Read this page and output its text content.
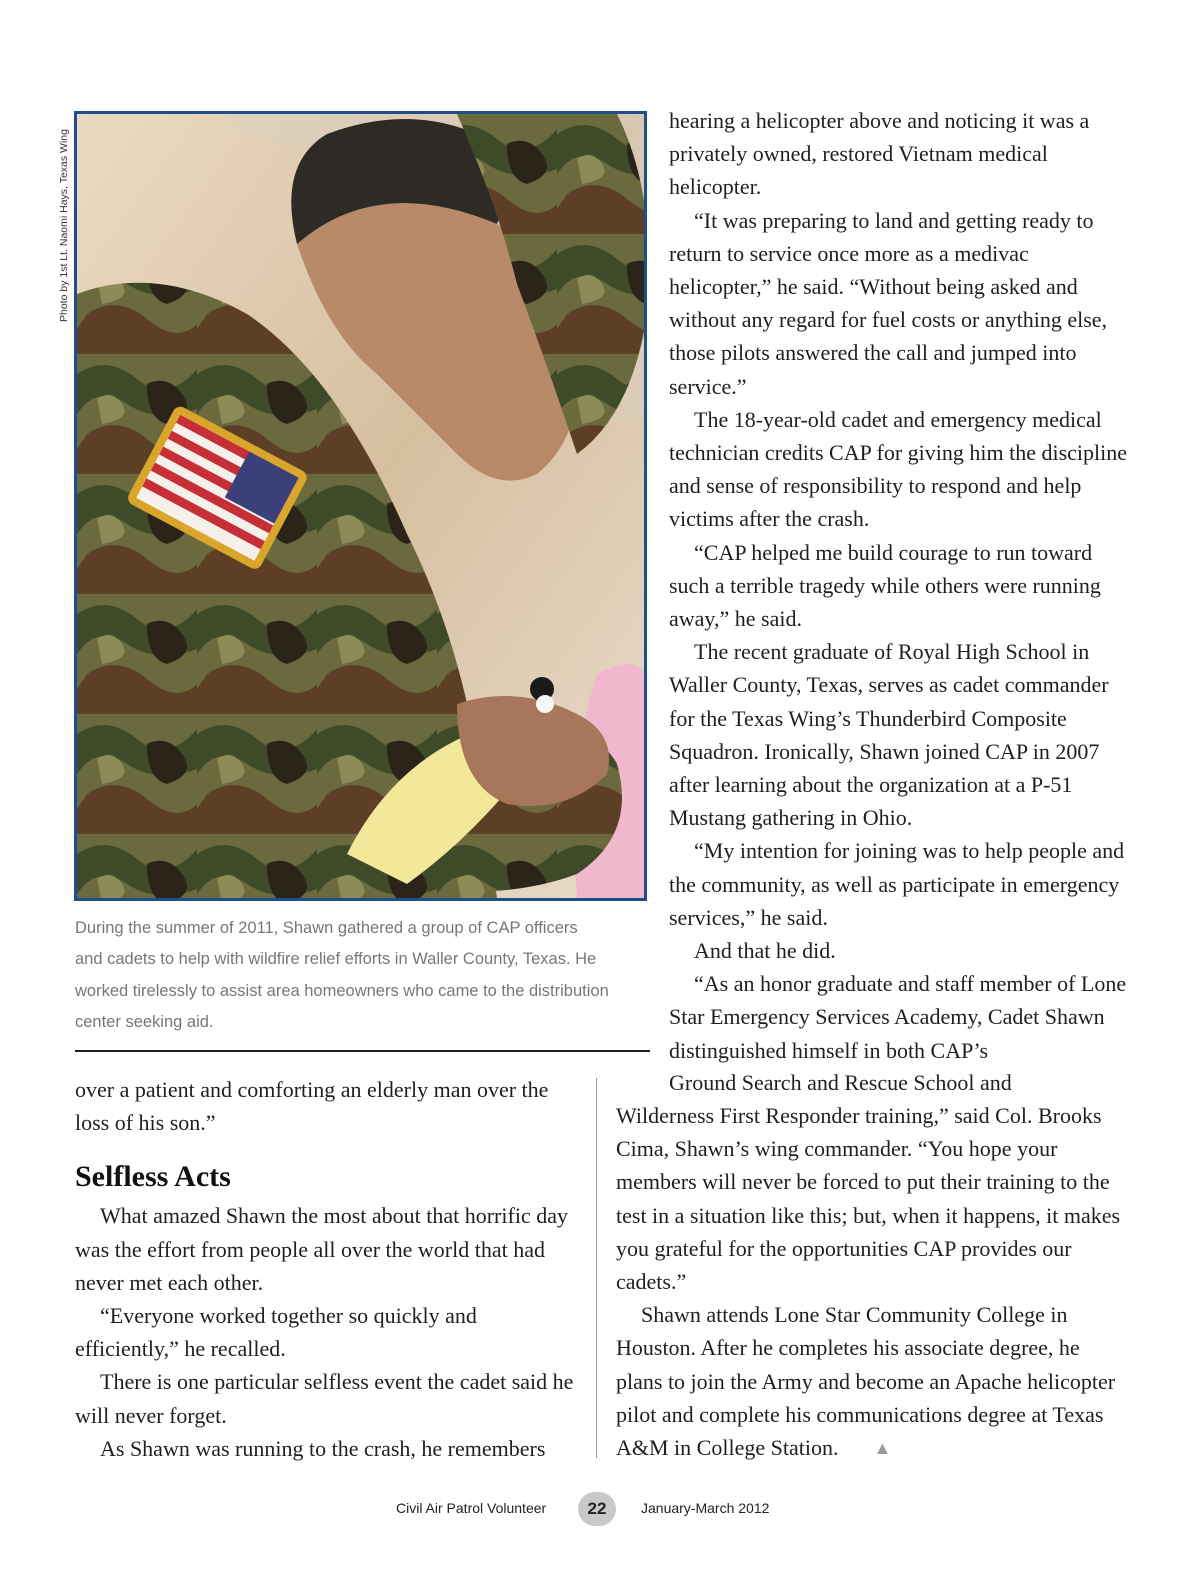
Photo by 1st Lt. Naomi Hays, Texas Wing

During the summer of 2011, Shawn gathered a group of CAP officers

and cadets to help with wildfire relief efforts in Waller County, Texas. He

worked tirelessly to assist area homeowners who came to the distribution

center seeking aid.

hearing a helicopter above and noticing it was a privately owned, restored Vietnam medical helicopter.

“It was preparing to land and getting ready to return to service once more as a medivac helicopter,” he said. “Without being asked and without any regard for fuel costs or anything else, those pilots answered the call and jumped into service.”

The 18-year-old cadet and emergency medical technician credits CAP for giving him the discipline and sense of responsibility to respond and help victims after the crash.

“CAP helped me build courage to run toward such a terrible tragedy while others were running away,” he said.

The recent graduate of Royal High School in Waller County, Texas, serves as cadet commander for the Texas Wing’s Thunderbird Composite Squadron. Ironically, Shawn joined CAP in 2007 after learning about the organization at a P-51 Mustang gathering in Ohio.

“My intention for joining was to help people and the community, as well as participate in emergency services,” he said.

And that he did.

“As an honor graduate and staff member of Lone Star Emergency Services Academy, Cadet Shawn distinguished himself in both CAP’s

Ground Search and Rescue School and

Wilderness First Responder training,” said Col. Brooks Cima, Shawn’s wing commander. “You hope your members will never be forced to put their training to the test in a situation like this; but, when it happens, it makes you grateful for the opportunities CAP provides our cadets.”

Shawn attends Lone Star Community College in Houston. After he completes his associate degree, he plans to join the Army and become an Apache helicopter pilot and complete his communications degree at Texas A&M in College Station. ▲

over a patient and comforting an elderly man over the loss of his son.”

Selfless Acts

What amazed Shawn the most about that horrific day was the effort from people all over the world that had never met each other.

“Everyone worked together so quickly and efficiently,” he recalled.

There is one particular selfless event the cadet said he will never forget.

As Shawn was running to the crash, he remembers

Civil Air Patrol Volunteer	22	January-March 2012
